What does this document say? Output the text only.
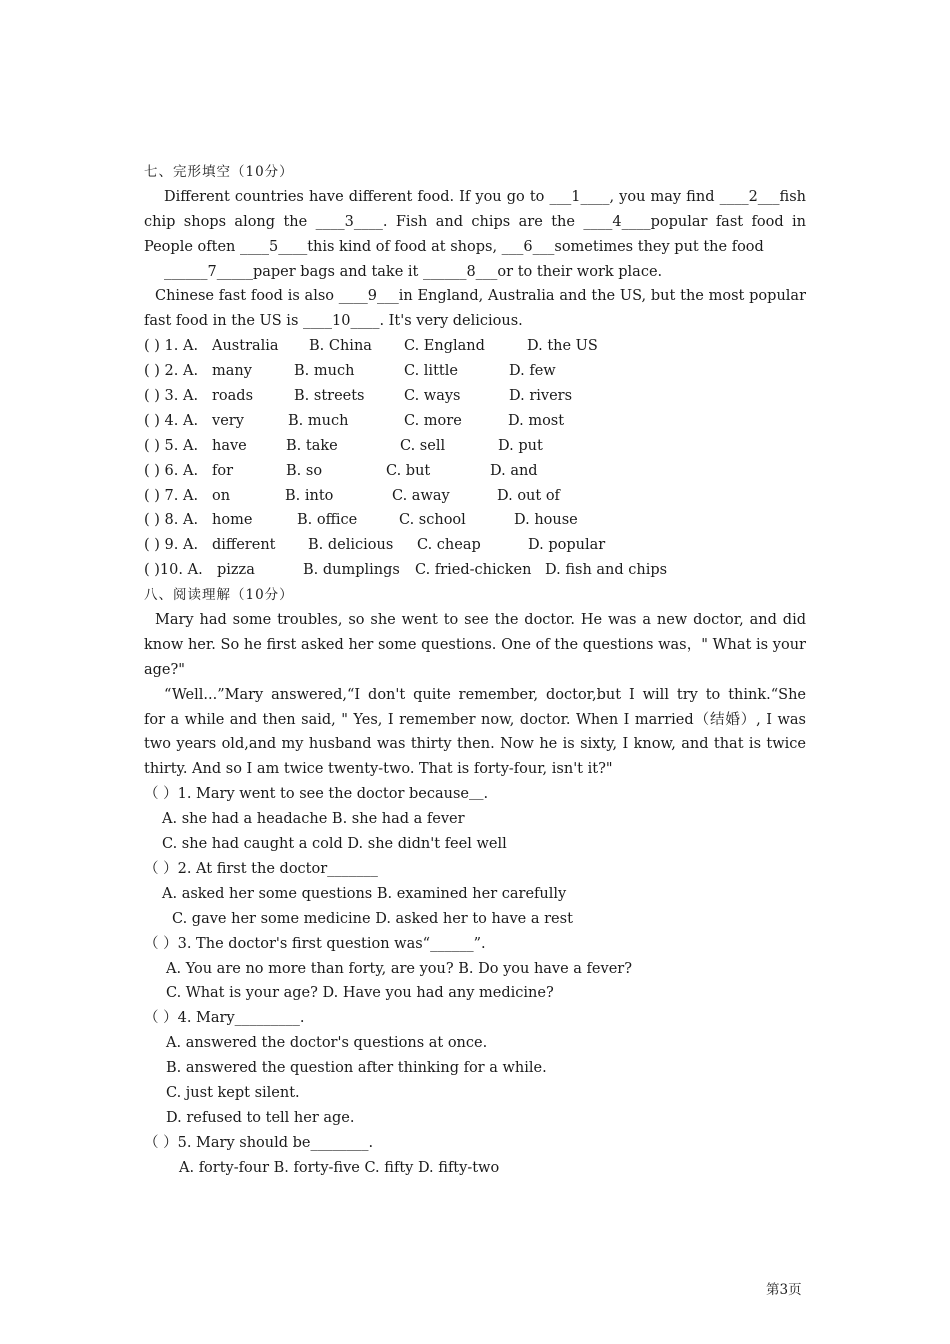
七、完形填空（10分）
Different countries have different food. If you go to ___1____, you may find ____2___fish
chip shops along the ____3____. Fish and chips are the ____4____popular fast food in
People often ____5____this kind of food at shops, ___6___sometimes they put the food
______7_____paper bags and take it ______8___or to their work place.
Chinese fast food is also ____9___in England, Australia and the US, but the most popular
fast food in the US is ____10____. It's very delicious.
( ) 1. A. Australia B. China C. England	D. the US
( ) 2. A. many	B. much	C. little	D. few
( ) 3. A. roads	B. streets	C. ways	D. rivers
( ) 4. A. very	B. much	C. more	D. most
( ) 5. A. have	B. take	C. sell	D. put
( ) 6. A. for	B. so	C. but	D. and
( ) 7. A. on	B. into	C. away	D. out of
( ) 8. A. home	B. office	C. school	D. house
( ) 9. A. different B. delicious C. cheap	D. popular
( )10. A. pizza	B. dumplings C. fried-chicken D. fish and chips
八、阅读理解（10分）
Mary had some troubles, so she went to see the doctor. He was a new doctor, and did
know her. So he first asked her some questions. One of the questions was，" What is your
age?"
“Well...”Mary answered,“I don't quite remember, doctor,but I will try to think.“She
for a while and then said, " Yes, I remember now, doctor. When I married（结婚）, I was
two years old,and my husband was thirty then. Now he is sixty, I know, and that is twice
thirty. And so I am twice twenty-two. That is forty-four, isn't it?"
（ ）1. Mary went to see the doctor because＿.
A. she had a headache B. she had a fever
C. she had caught a cold D. she didn't feel well
（ ）2. At first the doctor_______
A. asked her some questions B. examined her carefully
C. gave her some medicine D. asked her to have a rest
（ ）3. The doctor's first question was“______”.
A. You are no more than forty, are you? B. Do you have a fever?
C. What is your age? D. Have you had any medicine?
（ ）4. Mary_________.
A. answered the doctor's questions at once.
B. answered the question after thinking for a while.
C. just kept silent.
D. refused to tell her age.
（ ）5. Mary should be________.
A. forty-four B. forty-five C. fifty D. fifty-two
第3页
